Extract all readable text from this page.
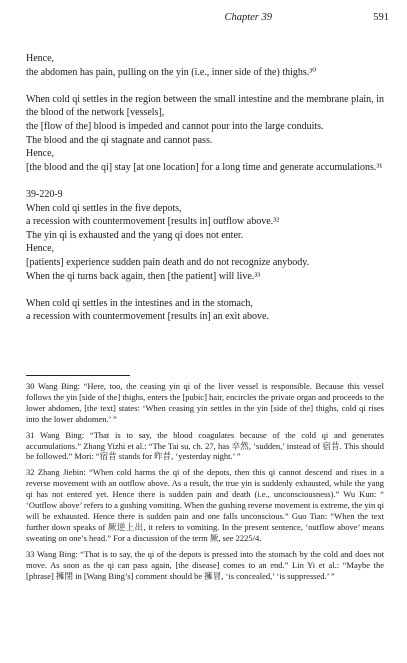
Chapter 39	591

Hence,

the abdomen has pain, pulling on the yin (i.e., inner side of the) thighs.³⁰

When cold qi settles in the region between the small intestine and the membrane plain, in the blood of the network [vessels],

the [flow of the] blood is impeded and cannot pour into the large conduits.

The blood and the qi stagnate and cannot pass.

Hence,

[the blood and the qi] stay [at one location] for a long time and generate accumulations.³¹

39-220-9

When cold qi settles in the five depots,

a recession with countermovement [results in] outflow above.³²

The yin qi is exhausted and the yang qi does not enter.

Hence,

[patients] experience sudden pain death and do not recognize anybody.

When the qi turns back again, then [the patient] will live.³³

When cold qi settles in the intestines and in the stomach,

a recession with countermovement [results in] an exit above.

30 Wang Bing: “Here, too, the ceasing yin qi of the liver vessel is responsible. Because this vessel follows the yin [side of the] thighs, enters the [pubic] hair, encircles the private organ and proceeds to the lower abdomen, [the text] states: ‘When ceasing yin settles in the yin [side of the] thighs, cold qi rises into the lower abdomen.’ ”

31 Wang Bing: “That is to say, the blood coagulates because of the cold qi and generates accumulations.” Zhang Yizhi et al.: “The Tai su, ch. 27, has 卒然, ‘sudden,’ instead of 宿昔. This should be followed.” Mori: “宿昔 stands for 昨昔, ‘yesterday night.’ ”

32 Zhang Jiebin: “When cold harms the qi of the depots, then this qi cannot descend and rises in a reverse movement with an outflow above. As a result, the true yin is suddenly exhausted, while the yang qi has not entered yet. Hence there is sudden pain and death (i.e., unconsciousness).” Wu Kun: “ ‘Outflow above’ refers to a gushing vomiting. When the gushing reverse movement is extreme, the yin qi will be exhausted. Hence there is sudden pain and one falls unconscious.” Guo Tian: “When the text further down speaks of 厥逆上出, it refers to vomiting. In the present sentence, ‘outflow above’ means sweating on one’s head.” For a discussion of the term 厥, see 2225/4.

33 Wang Bing: “That is to say, the qi of the depots is pressed into the stomach by the cold and does not move. As soon as the qi can pass again, [the disease] comes to an end.” Lin Yi et al.: “Maybe the [phrase] 擁閉 in [Wang Bing’s] comment should be 擁冒, ‘is concealed,’ ‘is suppressed.’ ”
